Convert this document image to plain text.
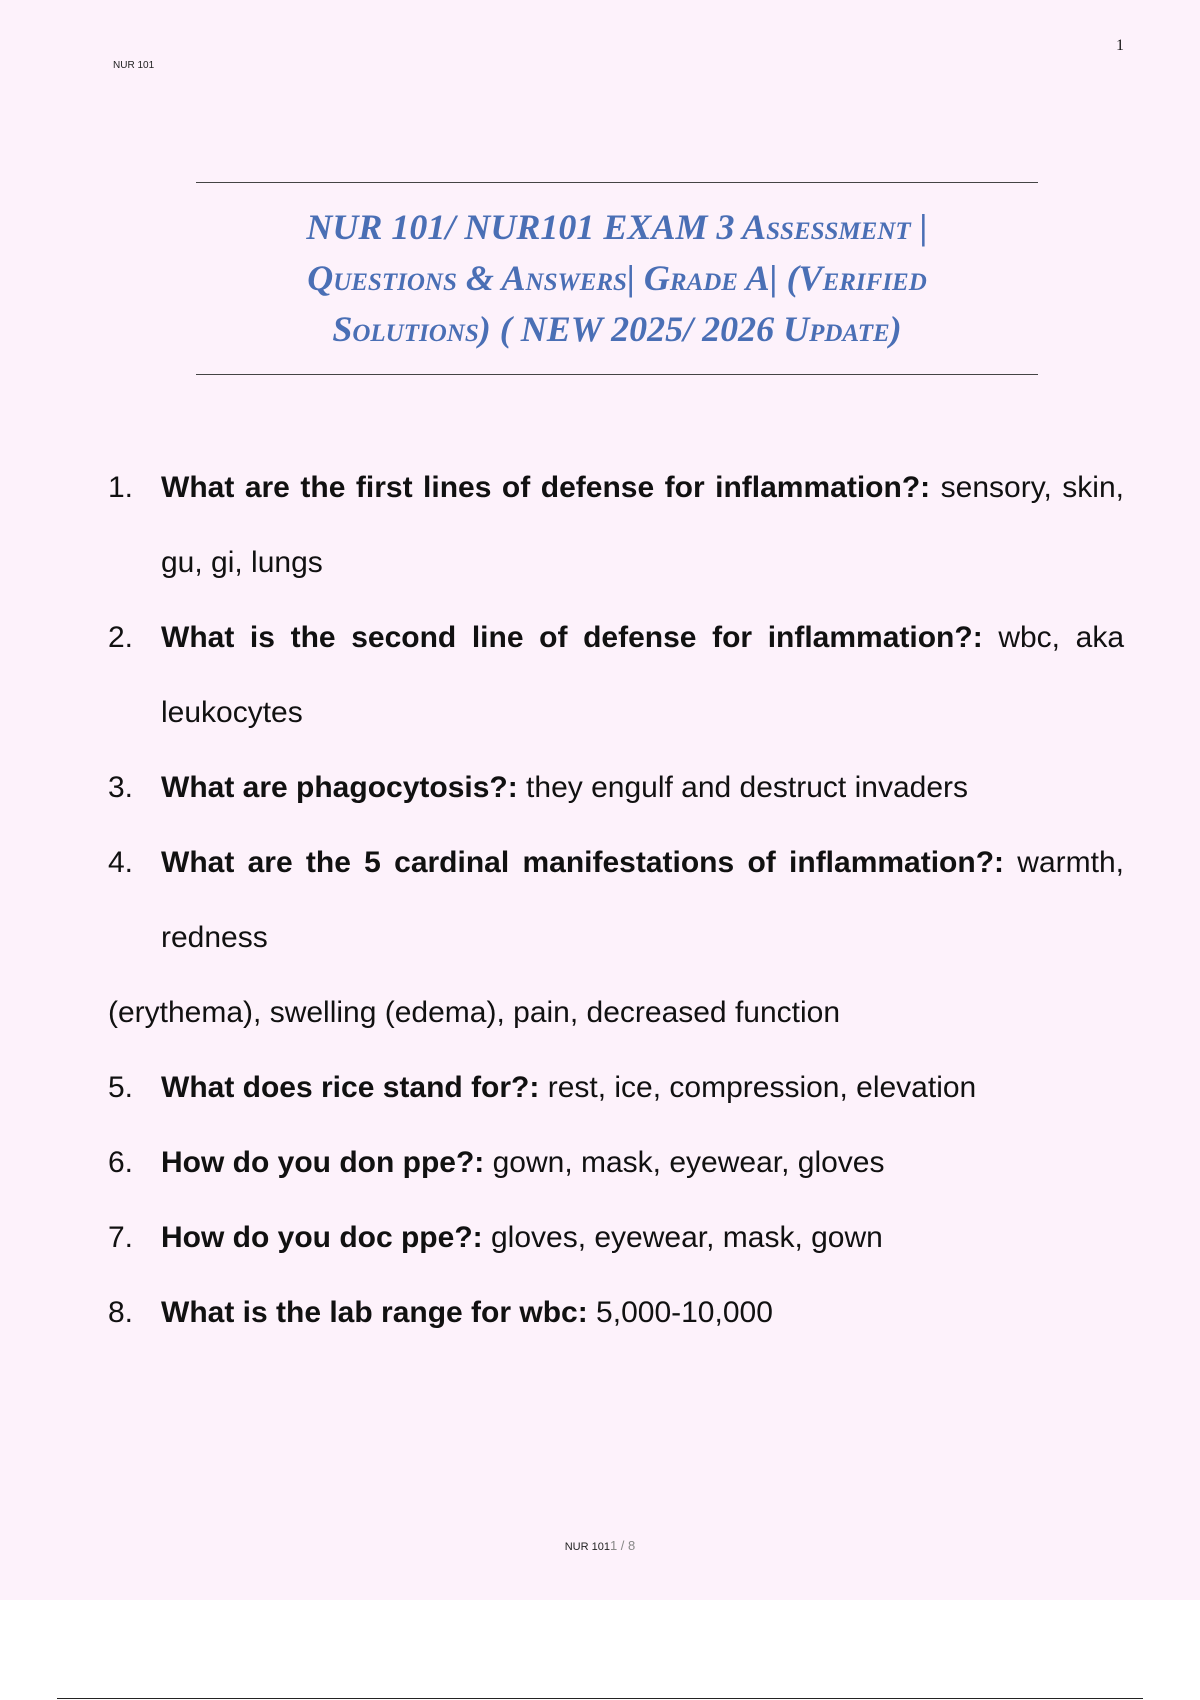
NUR 101
1
NUR 101/ NUR101 EXAM 3 Assessment |
Questions & Answers| Grade A| (Verified
Solutions) ( NEW 2025/ 2026 Update)
1. What are the first lines of defense for inflammation?: sensory, skin, gu, gi, lungs
2. What is the second line of defense for inflammation?: wbc, aka leukocytes
3. What are phagocytosis?: they engulf and destruct invaders
4. What are the 5 cardinal manifestations of inflammation?: warmth, redness
(erythema), swelling (edema), pain, decreased function
5. What does rice stand for?: rest, ice, compression, elevation
6. How do you don ppe?: gown, mask, eyewear, gloves
7. How do you doc ppe?: gloves, eyewear, mask, gown
8. What is the lab range for wbc: 5,000-10,000
NUR 1011 / 8
